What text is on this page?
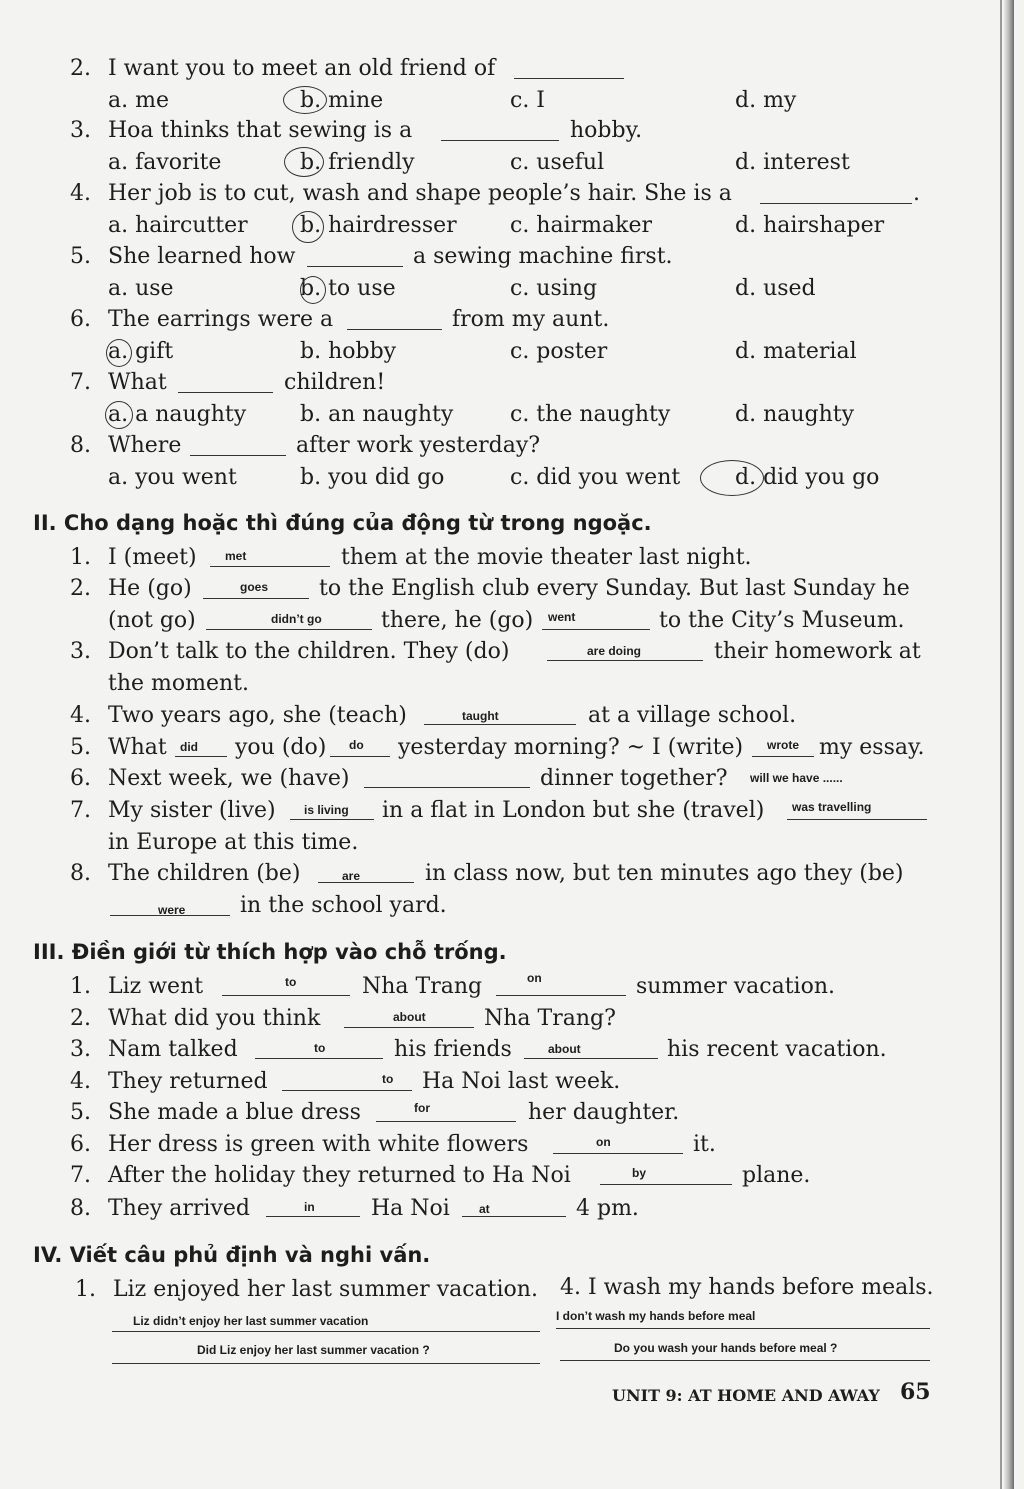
2. I want you to meet an old friend of
a. me	b. mine	c. I	d. my
3. Hoa thinks that sewing is a	hobby.
a. favorite	b. friendly	c. useful	d. interest
4. Her job is to cut, wash and shape people’s hair. She is a	.
a. haircutter b. hairdresser c. hairmaker	d. hairshaper
5. She learned how	a sewing machine first.
a. use	b. to use	c. using	d. used
6. The earrings were a	from my aunt.
a. gift	b. hobby	c. poster	d. material
7. What	children!
a. a naughty b. an naughty	c. the naughty	d. naughty
8. Where	after work yesterday?
a. you went	b. you did go	c. did you went d. did you go
II. Cho dạng hoặc thì đúng của động từ trong ngoặc.
1. I (meet) met	them at the movie theater last night.
2. He (go)	goes to the English club every Sunday. But last Sunday he
(not go)	didn’t go	there, he (go) went	to the City’s Museum.
3. Don’t talk to the children. They (do)	are doing	their homework at
the moment.
4. Two years ago, she (teach)	taught	at a village school.
5. What did you (do) do yesterday morning? ~ I (write) wrote my essay.
6. Next week, we (have)	dinner together? will we have ......
7. My sister (live) is living in a flat in London but she (travel) was travelling
in Europe at this time.
8. The children (be)	are	in class now, but ten minutes ago they (be)
were in the school yard.
III. Điền giới từ thích hợp vào chỗ trống.
1. Liz went	to	Nha Trang	on	summer vacation.
2. What did you think	about	Nha Trang?
3. Nam talked	to	his friends	about	his recent vacation.
4. They returned	to Ha Noi last week.
5. She made a blue dress	for	her daughter.
6. Her dress is green with white flowers	on	it.
7. After the holiday they returned to Ha Noi	by	plane.
8. They arrived	in	Ha Noi at	4 pm.
IV. Viết câu phủ định và nghi vấn.
1. Liz enjoyed her last summer vacation.
Liz didn’t enjoy her last summer vacation
Did Liz enjoy her last summer vacation ?
4. I wash my hands before meals.
I don’t wash my hands before meal
Do you wash your hands before meal ?
UNIT 9: AT HOME AND AWAY 65
